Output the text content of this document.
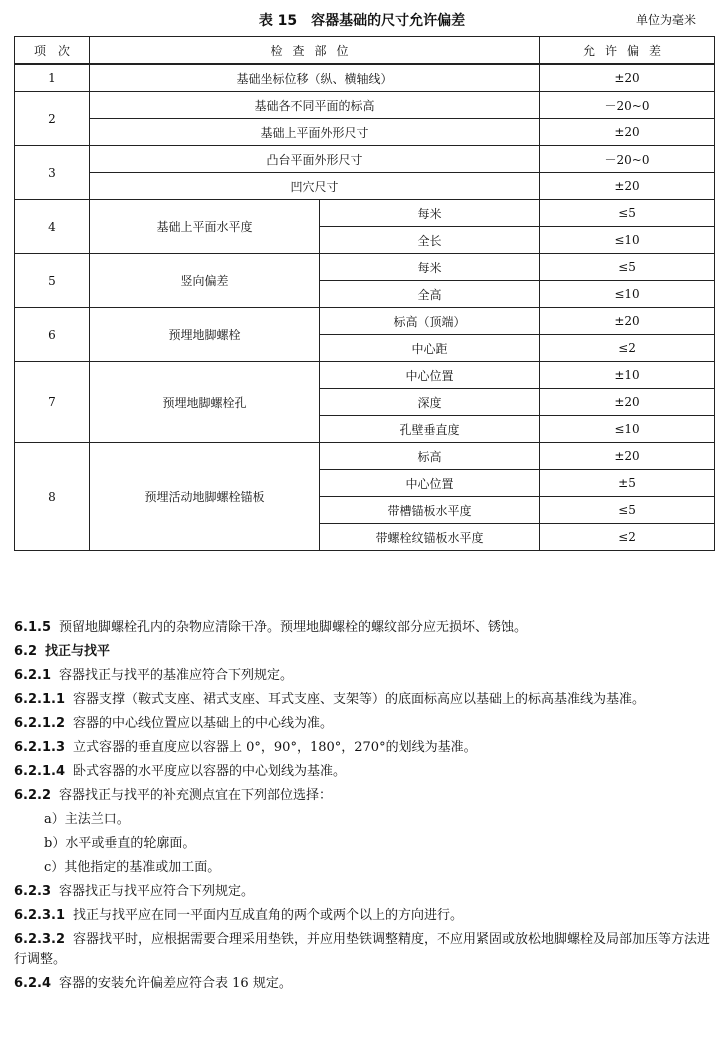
表 15　容器基础的尺寸允许偏差	单位为毫米
项　次	检查部位		允许偏差
1	基础坐标位移（纵、横轴线）		±20
2	基础各不同平面的标高		－20~0
	基础上平面外形尺寸		±20
3	凸台平面外形尺寸		－20~0
	凹穴尺寸		±20
4	基础上平面水平度	每米	≤5
		全长	≤10
5	竖向偏差	每米	≤5
		全高	≤10
6	预埋地脚螺栓	标高（顶端）	±20
		中心距	≤2
7	预埋地脚螺栓孔	中心位置	±10
		深度	±20
		孔壁垂直度	≤10
8	预埋活动地脚螺栓锚板	标高	±20
		中心位置	±5
		带槽锚板水平度	≤5
		带螺栓纹锚板水平度	≤2

6.1.5 预留地脚螺栓孔内的杂物应清除干净。预埋地脚螺栓的螺纹部分应无损坏、锈蚀。

6.2 找正与找平

6.2.1 容器找正与找平的基准应符合下列规定。

6.2.1.1 容器支撑（鞍式支座、裙式支座、耳式支座、支架等）的底面标高应以基础上的标高基准线为基准。

6.2.1.2 容器的中心线位置应以基础上的中心线为准。

6.2.1.3 立式容器的垂直度应以容器上 0°，90°，180°，270°的划线为基准。

6.2.1.4 卧式容器的水平度应以容器的中心划线为基准。

6.2.2 容器找正与找平的补充测点宜在下列部位选择：

a）主法兰口。

b）水平或垂直的轮廓面。

c）其他指定的基准或加工面。

6.2.3 容器找正与找平应符合下列规定。

6.2.3.1 找正与找平应在同一平面内互成直角的两个或两个以上的方向进行。

6.2.3.2 容器找平时，应根据需要合理采用垫铁，并应用垫铁调整精度，不应用紧固或放松地脚螺栓及局部加压等方法进行调整。

6.2.4 容器的安装允许偏差应符合表 16 规定。
